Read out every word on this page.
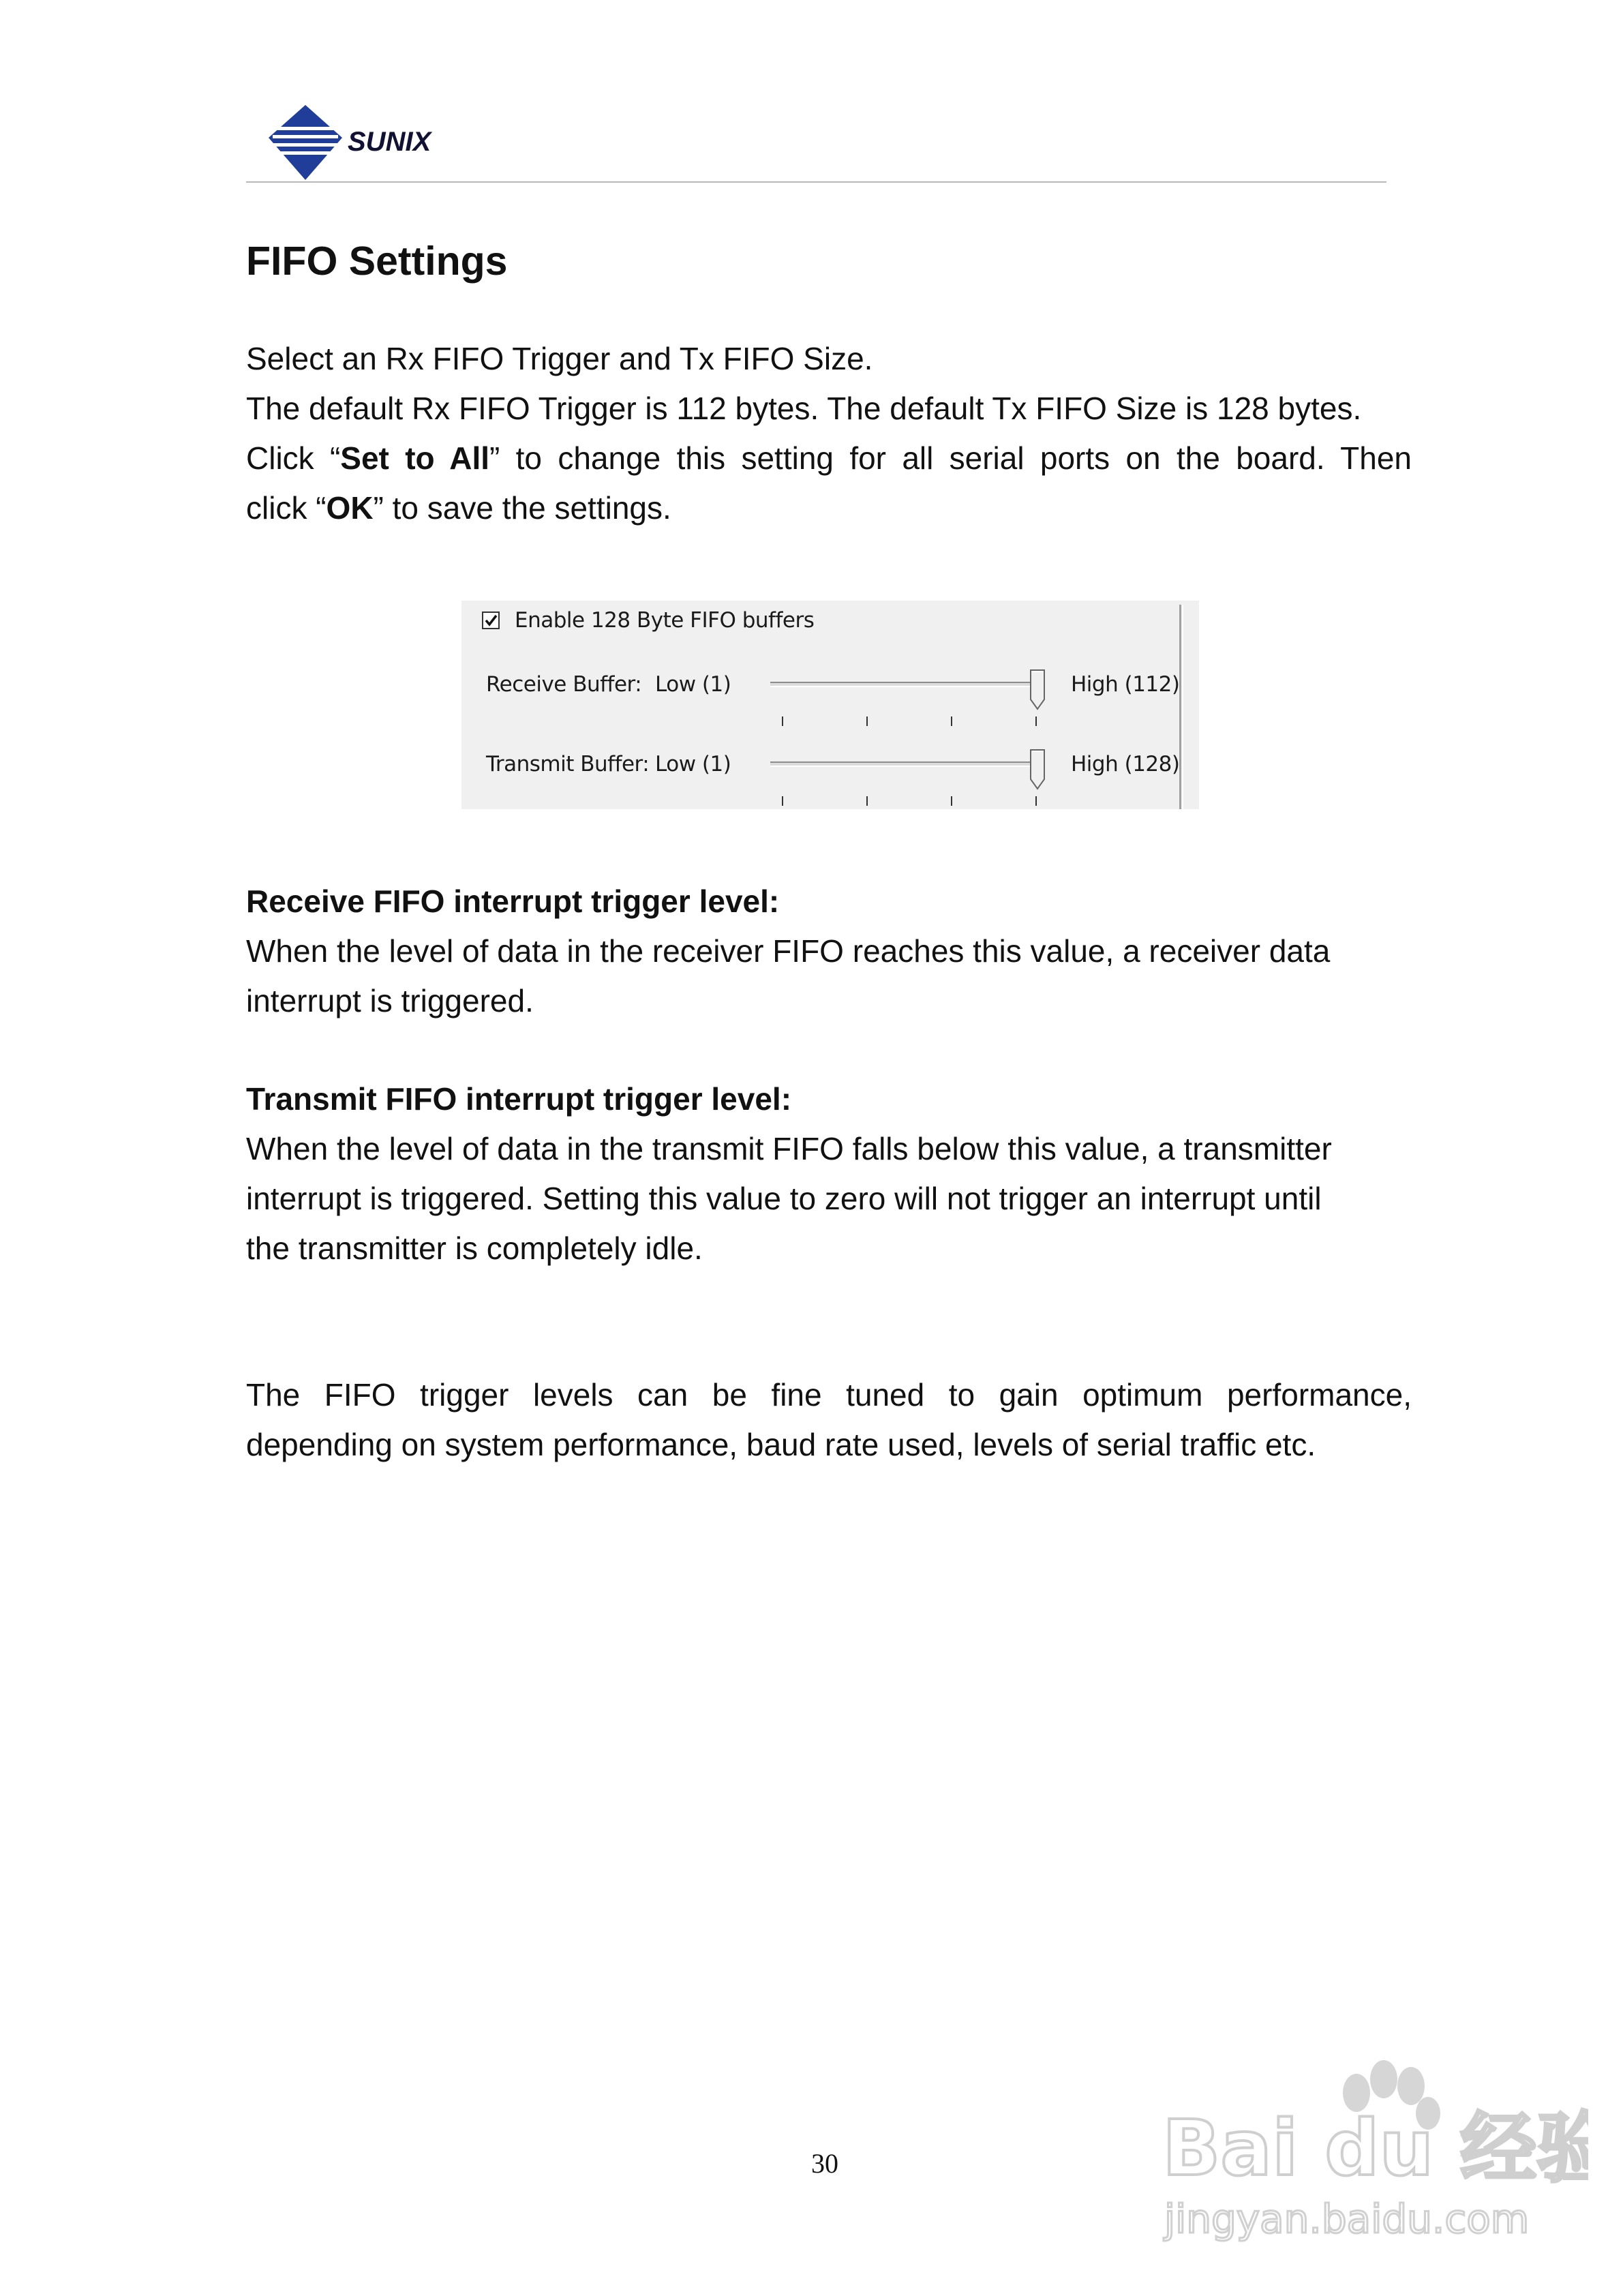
SUNIX
FIFO Settings
Select an Rx FIFO Trigger and Tx FIFO Size.
The default Rx FIFO Trigger is 112 bytes. The default Tx FIFO Size is 128 bytes.
Click “Set to All” to change this setting for all serial ports on the board. Then
click “OK” to save the settings.
Enable 128 Byte FIFO buffers
Receive Buffer: Low (1)	High (112)
Transmit Buffer: Low (1)	High (128)
Receive FIFO interrupt trigger level:
When the level of data in the receiver FIFO reaches this value, a receiver data
interrupt is triggered.
Transmit FIFO interrupt trigger level:
When the level of data in the transmit FIFO falls below this value, a transmitter
interrupt is triggered. Setting this value to zero will not trigger an interrupt until
the transmitter is completely idle.
The FIFO trigger levels can be fine tuned to gain optimum performance,
depending on system performance, baud rate used, levels of serial traffic etc.
30	Bai du 经验
jingyan.baidu.com
